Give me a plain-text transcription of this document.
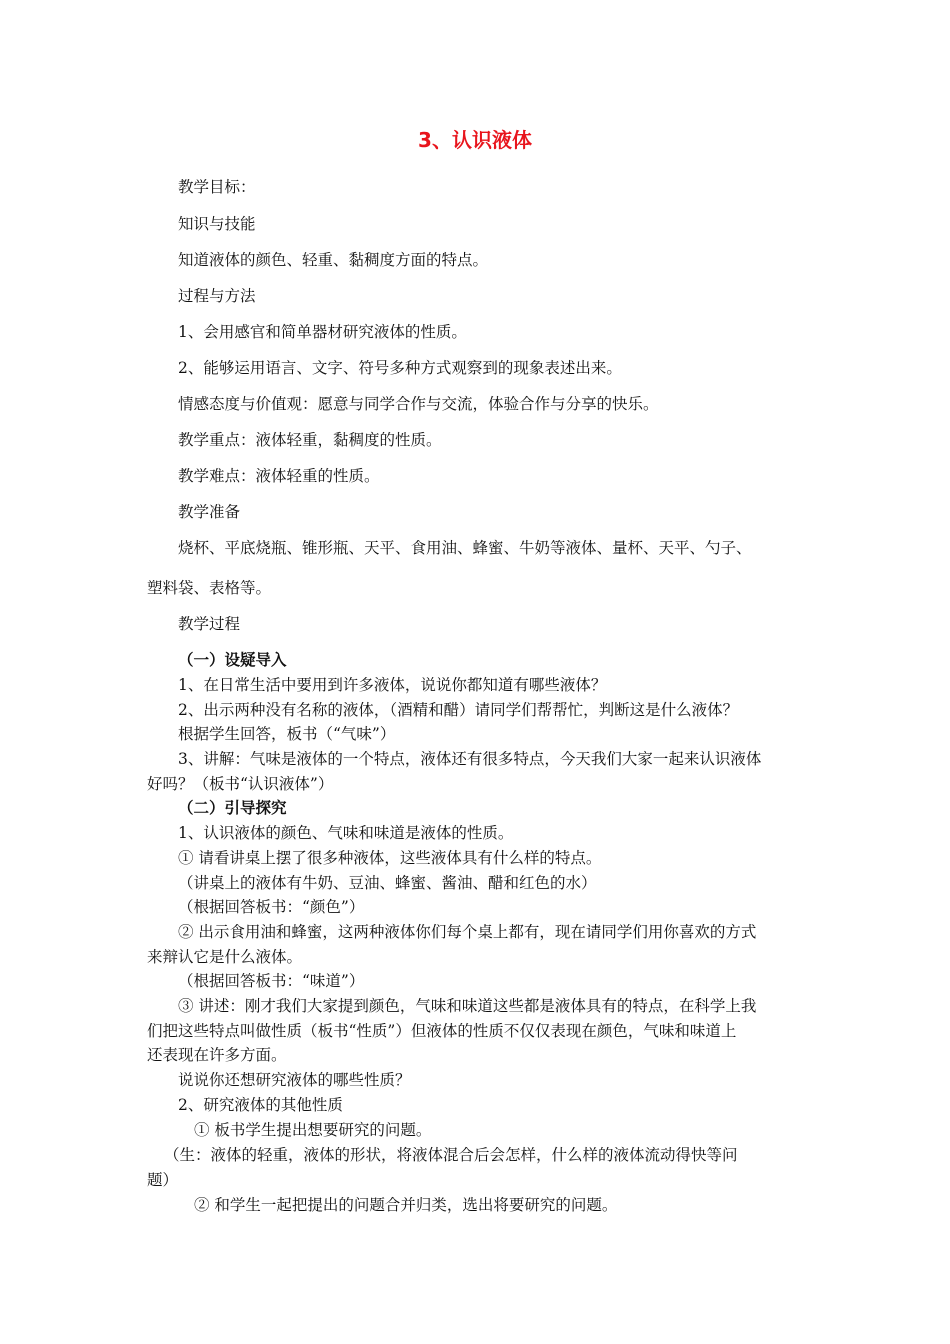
3、认识液体
教学目标：
知识与技能
知道液体的颜色、轻重、黏稠度方面的特点。
过程与方法
1、会用感官和简单器材研究液体的性质。
2、能够运用语言、文字、符号多种方式观察到的现象表述出来。
情感态度与价值观：愿意与同学合作与交流，体验合作与分享的快乐。
教学重点：液体轻重，黏稠度的性质。
教学难点：液体轻重的性质。
教学准备
烧杯、平底烧瓶、锥形瓶、天平、食用油、蜂蜜、牛奶等液体、量杯、天平、勺子、
塑料袋、表格等。
教学过程
（一）设疑导入
1、在日常生活中要用到许多液体，说说你都知道有哪些液体？
2、出示两种没有名称的液体，（酒精和醋）请同学们帮帮忙，判断这是什么液体？
根据学生回答，板书（“气味”）
3、讲解：气味是液体的一个特点，液体还有很多特点，今天我们大家一起来认识液体
好吗？（板书“认识液体”）
（二）引导探究
1、认识液体的颜色、气味和味道是液体的性质。
① 请看讲桌上摆了很多种液体，这些液体具有什么样的特点。
（讲桌上的液体有牛奶、豆油、蜂蜜、酱油、醋和红色的水）
（根据回答板书：“颜色”）
② 出示食用油和蜂蜜，这两种液体你们每个桌上都有，现在请同学们用你喜欢的方式
来辩认它是什么液体。
（根据回答板书：“味道”）
③ 讲述：刚才我们大家提到颜色，气味和味道这些都是液体具有的特点，在科学上我
们把这些特点叫做性质（板书“性质”）但液体的性质不仅仅表现在颜色，气味和味道上
还表现在许多方面。
说说你还想研究液体的哪些性质？
2、研究液体的其他性质
① 板书学生提出想要研究的问题。
（生：液体的轻重，液体的形状，将液体混合后会怎样，什么样的液体流动得快等问
题）
② 和学生一起把提出的问题合并归类，选出将要研究的问题。
